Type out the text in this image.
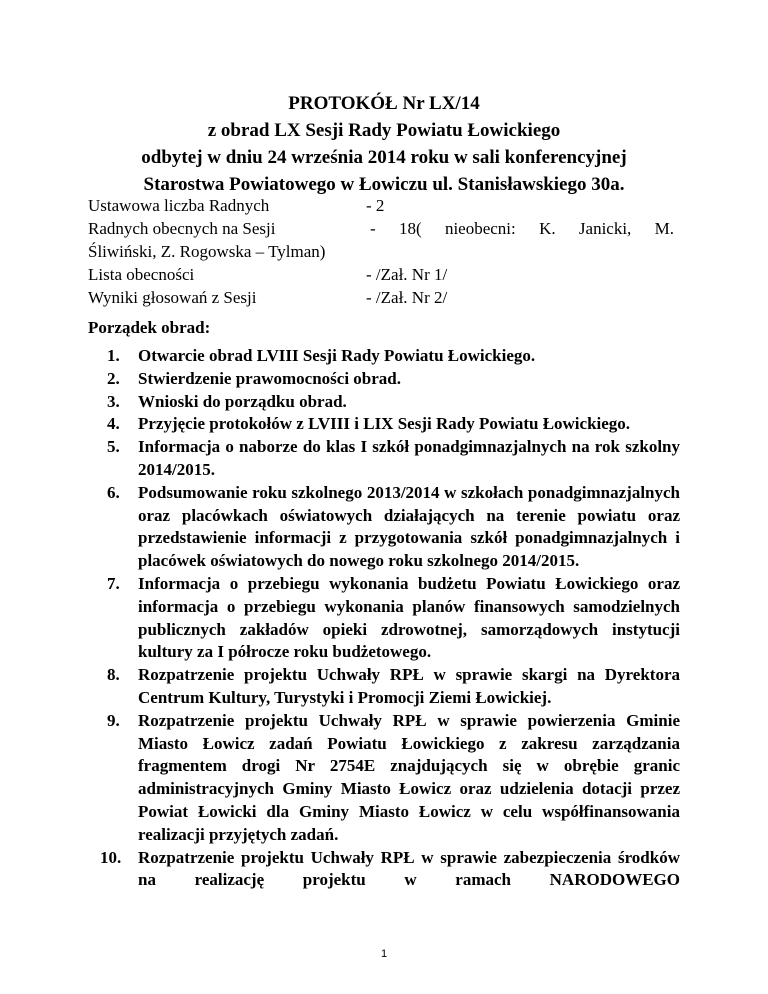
PROTOKÓŁ Nr LX/14
z obrad LX Sesji Rady Powiatu Łowickiego
odbytej w dniu 24 września 2014 roku w sali konferencyjnej
Starostwa Powiatowego w Łowiczu ul. Stanisławskiego 30a.
Ustawowa liczba Radnych	- 2
Radnych obecnych na Sesji	- 18( nieobecni: K. Janicki, M.
Śliwiński, Z. Rogowska – Tylman)
Lista obecności	- /Zał. Nr 1/
Wyniki głosowań z Sesji	- /Zał. Nr 2/
Porządek obrad:
1. Otwarcie obrad LVIII Sesji Rady Powiatu Łowickiego.
2. Stwierdzenie prawomocności obrad.
3. Wnioski do porządku obrad.
4. Przyjęcie protokołów z LVIII i LIX Sesji Rady Powiatu Łowickiego.
5. Informacja o naborze do klas I szkół ponadgimnazjalnych na rok szkolny 2014/2015.
6. Podsumowanie roku szkolnego 2013/2014 w szkołach ponadgimnazjalnych oraz placówkach oświatowych działających na terenie powiatu oraz przedstawienie informacji z przygotowania szkół ponadgimnazjalnych i placówek oświatowych do nowego roku szkolnego 2014/2015.
7. Informacja o przebiegu wykonania budżetu Powiatu Łowickiego oraz informacja o przebiegu wykonania planów finansowych samodzielnych publicznych zakładów opieki zdrowotnej, samorządowych instytucji kultury za I półrocze roku budżetowego.
8. Rozpatrzenie projektu Uchwały RPŁ w sprawie skargi na Dyrektora Centrum Kultury, Turystyki i Promocji Ziemi Łowickiej.
9. Rozpatrzenie projektu Uchwały RPŁ w sprawie powierzenia Gminie Miasto Łowicz zadań Powiatu Łowickiego z zakresu zarządzania fragmentem drogi Nr 2754E znajdujących się w obrębie granic administracyjnych Gminy Miasto Łowicz oraz udzielenia dotacji przez Powiat Łowicki dla Gminy Miasto Łowicz w celu współfinansowania realizacji przyjętych zadań.
10. Rozpatrzenie projektu Uchwały RPŁ w sprawie zabezpieczenia środków na realizację projektu w ramach NARODOWEGO
1
